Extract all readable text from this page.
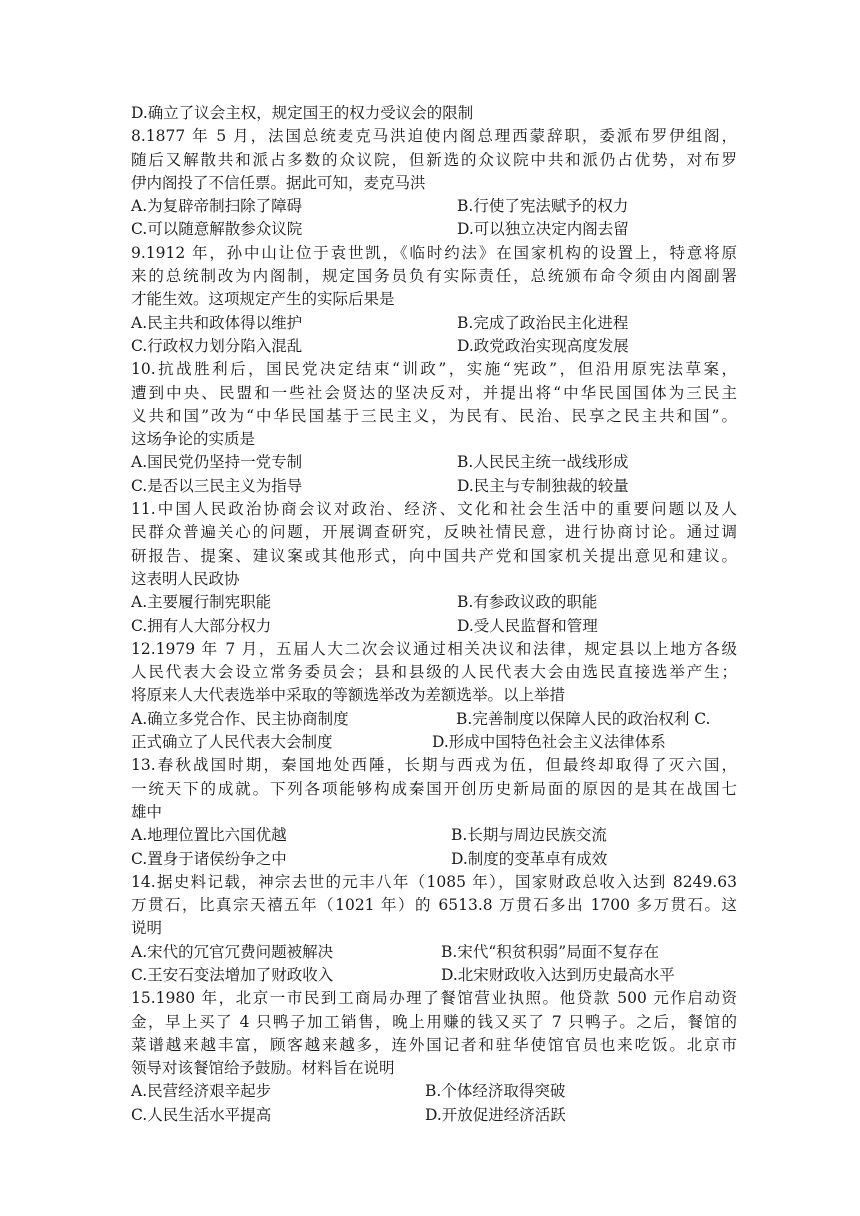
D.确立了议会主权，规定国王的权力受议会的限制
8.1877 年 5 月，法国总统麦克马洪迫使内阁总理西蒙辞职，委派布罗伊组阁，
随后又解散共和派占多数的众议院，但新选的众议院中共和派仍占优势，对布罗
伊内阁投了不信任票。据此可知，麦克马洪
A.为复辟帝制扫除了障碍	B.行使了宪法赋予的权力
C.可以随意解散参众议院	D.可以独立决定内阁去留
9.1912 年，孙中山让位于袁世凯，《临时约法》在国家机构的设置上，特意将原
来的总统制改为内阁制，规定国务员负有实际责任，总统颁布命令须由内阁副署
才能生效。这项规定产生的实际后果是
A.民主共和政体得以维护	B.完成了政治民主化进程
C.行政权力划分陷入混乱	D.政党政治实现高度发展
10.抗战胜利后，国民党决定结束“训政”，实施“宪政”，但沿用原宪法草案，
遭到中央、民盟和一些社会贤达的坚决反对，并提出将“中华民国国体为三民主
义共和国”改为“中华民国基于三民主义，为民有、民治、民享之民主共和国”。
这场争论的实质是
A.国民党仍坚持一党专制	B.人民民主统一战线形成
C.是否以三民主义为指导	D.民主与专制独裁的较量
11.中国人民政治协商会议对政治、经济、文化和社会生活中的重要问题以及人
民群众普遍关心的问题，开展调查研究，反映社情民意，进行协商讨论。通过调
研报告、提案、建议案或其他形式，向中国共产党和国家机关提出意见和建议。
这表明人民政协
A.主要履行制宪职能	B.有参政议政的职能
C.拥有人大部分权力	D.受人民监督和管理
12.1979 年 7 月，五届人大二次会议通过相关决议和法律，规定县以上地方各级
人民代表大会设立常务委员会；县和县级的人民代表大会由选民直接选举产生；
将原来人大代表选举中采取的等额选举改为差额选举。以上举措
A.确立多党合作、民主协商制度	B.完善制度以保障人民的政治权利 C.
正式确立了人民代表大会制度	D.形成中国特色社会主义法律体系
13.春秋战国时期，秦国地处西陲，长期与西戎为伍，但最终却取得了灭六国，
一统天下的成就。下列各项能够构成秦国开创历史新局面的原因的是其在战国七
雄中
A.地理位置比六国优越	B.长期与周边民族交流
C.置身于诸侯纷争之中	D.制度的变革卓有成效
14.据史料记载，神宗去世的元丰八年（1085 年），国家财政总收入达到 8249.63
万贯石，比真宗天禧五年（1021 年）的 6513.8 万贯石多出 1700 多万贯石。这
说明
A.宋代的冗官冗费问题被解决	B.宋代“积贫积弱”局面不复存在
C.王安石变法增加了财政收入	D.北宋财政收入达到历史最高水平
15.1980 年，北京一市民到工商局办理了餐馆营业执照。他贷款 500 元作启动资
金，早上买了 4 只鸭子加工销售，晚上用赚的钱又买了 7 只鸭子。之后，餐馆的
菜谱越来越丰富，顾客越来越多，连外国记者和驻华使馆官员也来吃饭。北京市
领导对该餐馆给予鼓励。材料旨在说明
A.民营经济艰辛起步	B.个体经济取得突破
C.人民生活水平提高	D.开放促进经济活跃
